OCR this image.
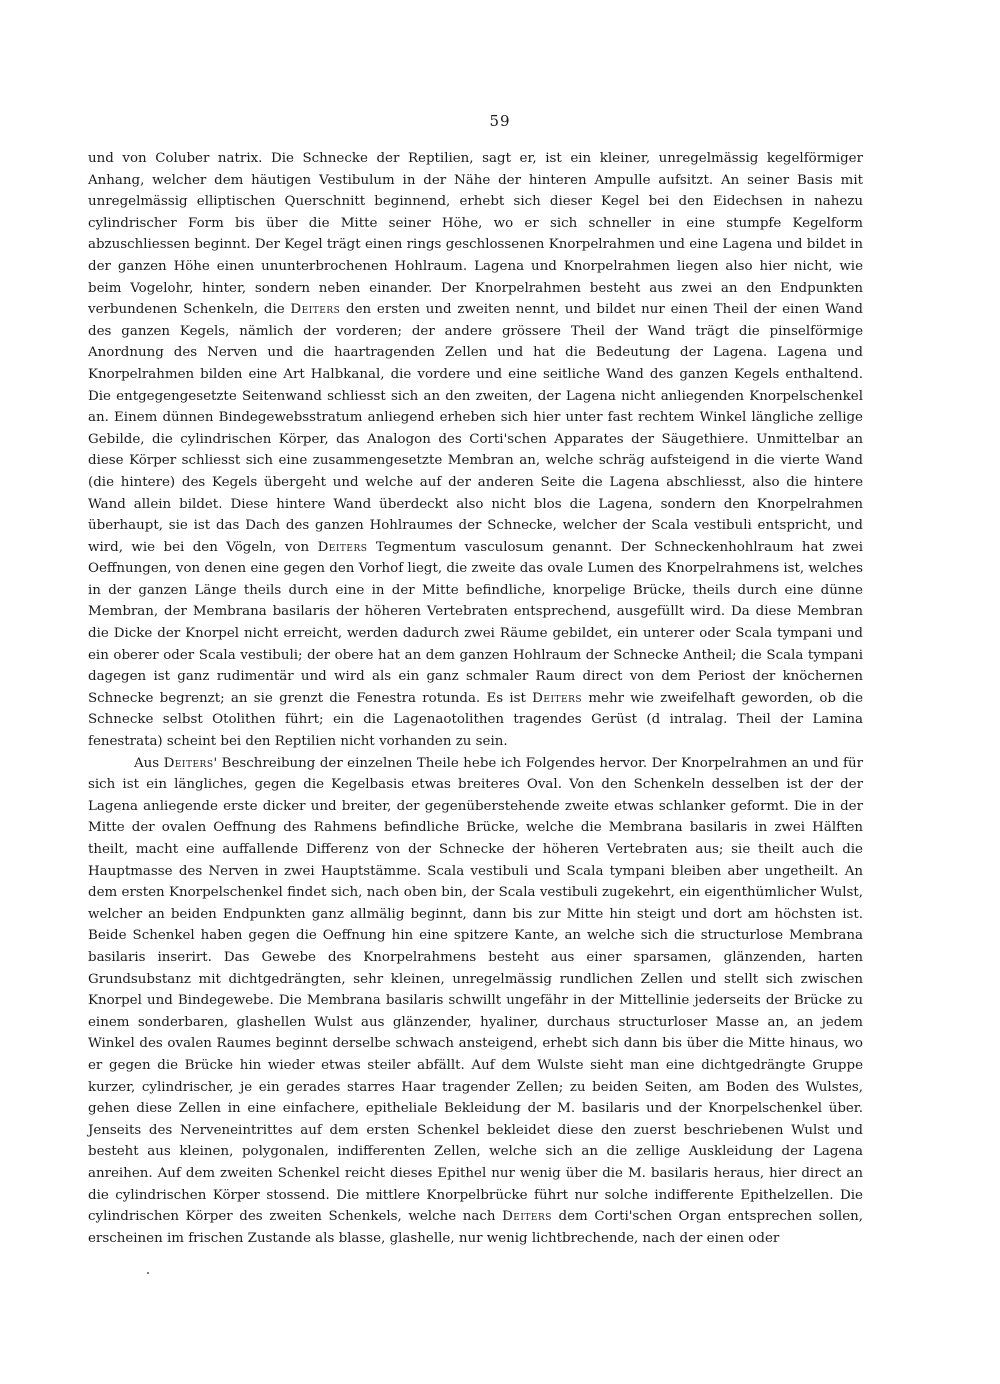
59

und von Coluber natrix. Die Schnecke der Reptilien, sagt er, ist ein kleiner, unregelmässig kegelförmiger Anhang, welcher dem häutigen Vestibulum in der Nähe der hinteren Ampulle aufsitzt. An seiner Basis mit unregelmässig elliptischen Querschnitt beginnend, erhebt sich dieser Kegel bei den Eidechsen in nahezu cylindrischer Form bis über die Mitte seiner Höhe, wo er sich schneller in eine stumpfe Kegelform abzuschliessen beginnt. Der Kegel trägt einen rings geschlossenen Knorpelrahmen und eine Lagena und bildet in der ganzen Höhe einen ununterbrochenen Hohlraum. Lagena und Knorpelrahmen liegen also hier nicht, wie beim Vogelohr, hinter, sondern neben einander. Der Knorpelrahmen besteht aus zwei an den Endpunkten verbundenen Schenkeln, die Deiters den ersten und zweiten nennt, und bildet nur einen Theil der einen Wand des ganzen Kegels, nämlich der vorderen; der andere grössere Theil der Wand trägt die pinselförmige Anordnung des Nerven und die haartragenden Zellen und hat die Bedeutung der Lagena. Lagena und Knorpelrahmen bilden eine Art Halbkanal, die vordere und eine seitliche Wand des ganzen Kegels enthaltend. Die entgegengesetzte Seitenwand schliesst sich an den zweiten, der Lagena nicht anliegenden Knorpelschenkel an. Einem dünnen Bindegewebsstratum anliegend erheben sich hier unter fast rechtem Winkel längliche zellige Gebilde, die cylindrischen Körper, das Analogon des Corti'schen Apparates der Säugethiere. Unmittelbar an diese Körper schliesst sich eine zusammengesetzte Membran an, welche schräg aufsteigend in die vierte Wand (die hintere) des Kegels übergeht und welche auf der anderen Seite die Lagena abschliesst, also die hintere Wand allein bildet. Diese hintere Wand überdeckt also nicht blos die Lagena, sondern den Knorpelrahmen überhaupt, sie ist das Dach des ganzen Hohlraumes der Schnecke, welcher der Scala vestibuli entspricht, und wird, wie bei den Vögeln, von Deiters Tegmentum vasculosum genannt. Der Schneckenhohlraum hat zwei Oeffnungen, von denen eine gegen den Vorhof liegt, die zweite das ovale Lumen des Knorpelrahmens ist, welches in der ganzen Länge theils durch eine in der Mitte befindliche, knorpelige Brücke, theils durch eine dünne Membran, der Membrana basilaris der höheren Vertebraten entsprechend, ausgefüllt wird. Da diese Membran die Dicke der Knorpel nicht erreicht, werden dadurch zwei Räume gebildet, ein unterer oder Scala tympani und ein oberer oder Scala vestibuli; der obere hat an dem ganzen Hohlraum der Schnecke Antheil; die Scala tympani dagegen ist ganz rudimentär und wird als ein ganz schmaler Raum direct von dem Periost der knöchernen Schnecke begrenzt; an sie grenzt die Fenestra rotunda. Es ist Deiters mehr wie zweifelhaft geworden, ob die Schnecke selbst Otolithen führt; ein die Lagenaotolithen tragendes Gerüst (d intralag. Theil der Lamina fenestrata) scheint bei den Reptilien nicht vorhanden zu sein.

Aus Deiters' Beschreibung der einzelnen Theile hebe ich Folgendes hervor. Der Knorpelrahmen an und für sich ist ein längliches, gegen die Kegelbasis etwas breiteres Oval. Von den Schenkeln desselben ist der der Lagena anliegende erste dicker und breiter, der gegenüberstehende zweite etwas schlanker geformt. Die in der Mitte der ovalen Oeffnung des Rahmens befindliche Brücke, welche die Membrana basilaris in zwei Hälften theilt, macht eine auffallende Differenz von der Schnecke der höheren Vertebraten aus; sie theilt auch die Hauptmasse des Nerven in zwei Hauptstämme. Scala vestibuli und Scala tympani bleiben aber ungetheilt. An dem ersten Knorpelschenkel findet sich, nach oben bin, der Scala vestibuli zugekehrt, ein eigenthümlicher Wulst, welcher an beiden Endpunkten ganz allmälig beginnt, dann bis zur Mitte hin steigt und dort am höchsten ist. Beide Schenkel haben gegen die Oeffnung hin eine spitzere Kante, an welche sich die structurlose Membrana basilaris inserirt. Das Gewebe des Knorpelrahmens besteht aus einer sparsamen, glänzenden, harten Grundsubstanz mit dichtgedrängten, sehr kleinen, unregelmässig rundlichen Zellen und stellt sich zwischen Knorpel und Bindegewebe. Die Membrana basilaris schwillt ungefähr in der Mittellinie jederseits der Brücke zu einem sonderbaren, glashellen Wulst aus glänzender, hyaliner, durchaus structurloser Masse an, an jedem Winkel des ovalen Raumes beginnt derselbe schwach ansteigend, erhebt sich dann bis über die Mitte hinaus, wo er gegen die Brücke hin wieder etwas steiler abfällt. Auf dem Wulste sieht man eine dichtgedrängte Gruppe kurzer, cylindrischer, je ein gerades starres Haar tragender Zellen; zu beiden Seiten, am Boden des Wulstes, gehen diese Zellen in eine einfachere, epitheliale Bekleidung der M. basilaris und der Knorpelschenkel über. Jenseits des Nerveneintrittes auf dem ersten Schenkel bekleidet diese den zuerst beschriebenen Wulst und besteht aus kleinen, polygonalen, indifferenten Zellen, welche sich an die zellige Auskleidung der Lagena anreihen. Auf dem zweiten Schenkel reicht dieses Epithel nur wenig über die M. basilaris heraus, hier direct an die cylindrischen Körper stossend. Die mittlere Knorpelbrücke führt nur solche indifferente Epithelzellen. Die cylindrischen Körper des zweiten Schenkels, welche nach Deiters dem Corti'schen Organ entsprechen sollen, erscheinen im frischen Zustande als blasse, glashelle, nur wenig lichtbrechende, nach der einen oder
